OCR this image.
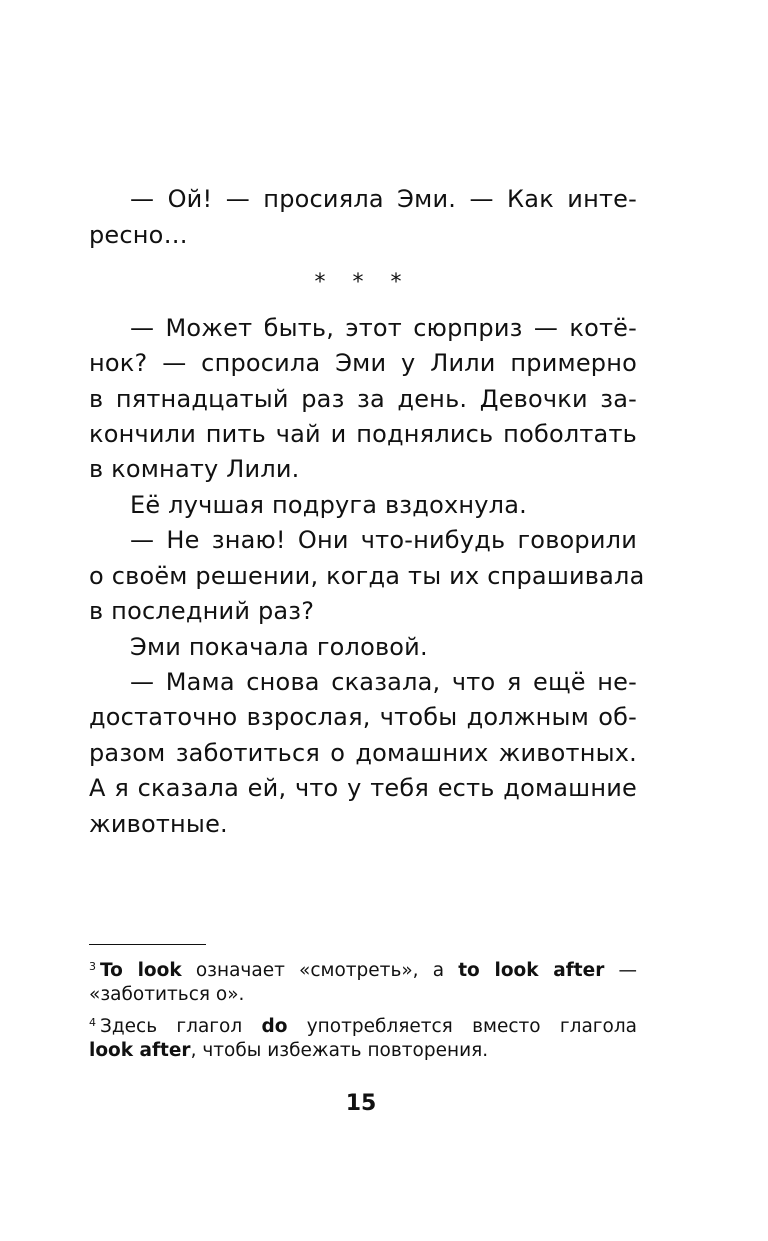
— Ой! — просияла Эми. — Как инте-
ресно…
* * *
— Может быть, этот сюрприз — котё-
нок? — спросила Эми у Лили примерно
в пятнадцатый раз за день. Девочки за-
кончили пить чай и поднялись поболтать
в комнату Лили.
Её лучшая подруга вздохнула.
— Не знаю! Они что-нибудь говорили
о своём решении, когда ты их спрашивала
в последний раз?
Эми покачала головой.
— Мама снова сказала, что я ещё не-
достаточно взрослая, чтобы должным об-
разом заботиться о домашних животных.
А я сказала ей, что у тебя есть домашние
животные.
$^3$ To look означает «смотреть», а to look after —
«заботиться о».
$^4$ Здесь глагол do употребляется вместо глагола
look after, чтобы избежать повторения.
15
